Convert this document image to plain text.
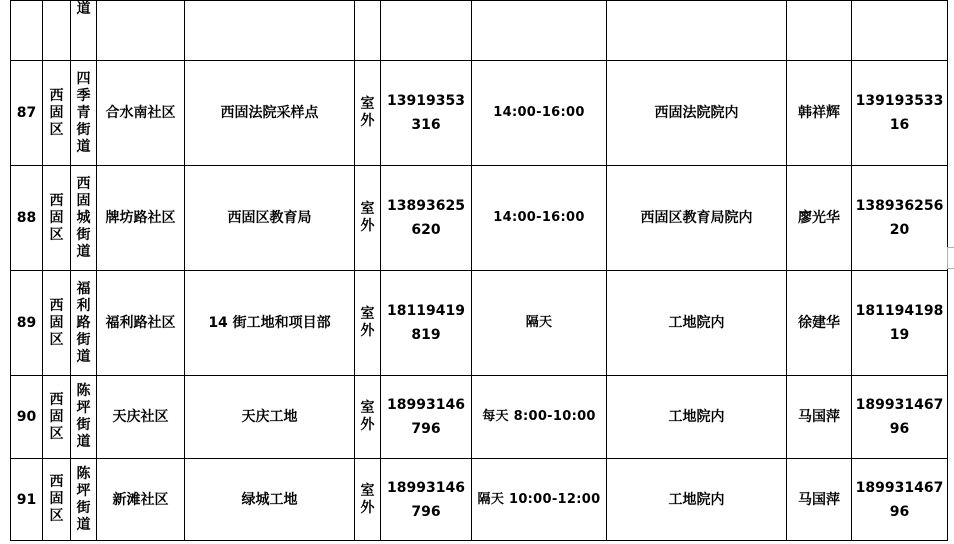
		道								

87	西固区	四季青街道	合水南社区	西固法院采样点	室外	13919353316	14:00-16:00	西固法院院内	韩祥辉	13919353316
88	西固区	西固城街道	牌坊路社区	西固区教育局	室外	13893625620	14:00-16:00	西固区教育局院内	廖光华	13893625620
89	西固区	福利路街道	福利路社区	14 街工地和项目部	室外	18119419819	隔天	工地院内	徐建华	18119419819
90	西固区	陈坪街道	天庆社区	天庆工地	室外	18993146796	每天 8:00-10:00	工地院内	马国萍	18993146796
91	西固区	陈坪街道	新滩社区	绿城工地	室外	18993146796	隔天 10:00-12:00	工地院内	马国萍	18993146796
